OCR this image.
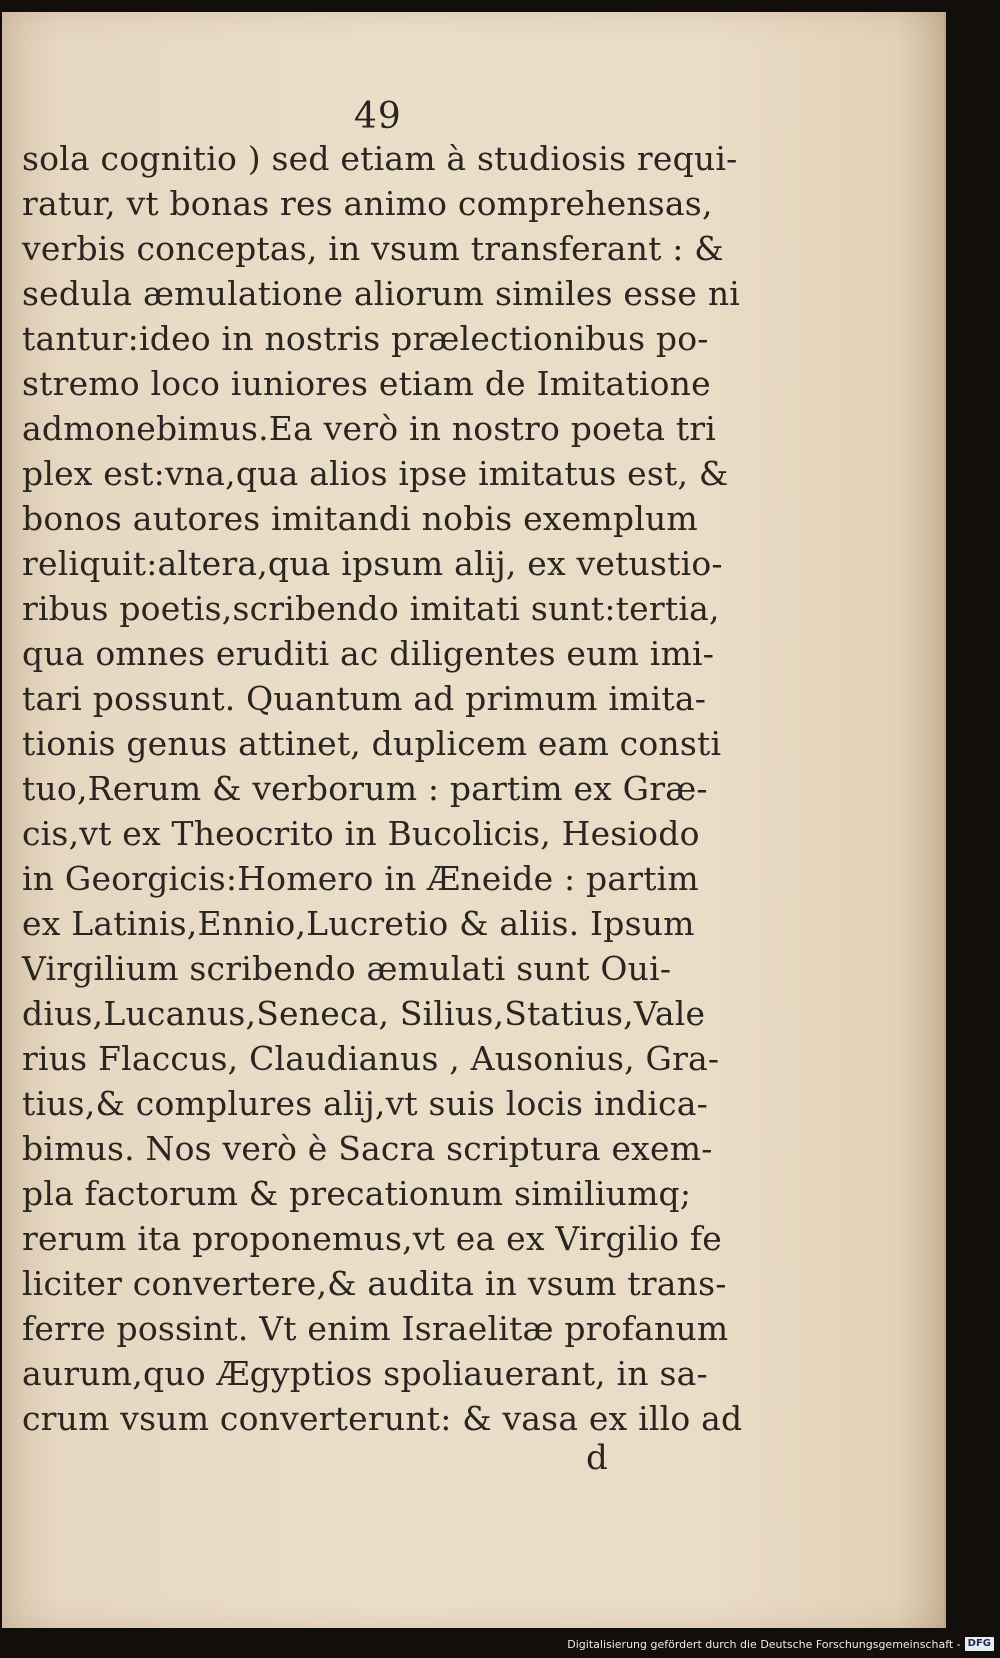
49
sola cognitio ) sed etiam à studiosis requi-
ratur, vt bonas res animo comprehensas,
verbis conceptas, in vsum transferant : &
sedula æmulatione aliorum similes esse ni
tantur:ideo in nostris prælectionibus po-
stremo loco iuniores etiam de Imitatione
admonebimus.Ea verò in nostro poeta tri
plex est:vna,qua alios ipse imitatus est, &
bonos autores imitandi nobis exemplum
reliquit:altera,qua ipsum alij, ex vetustio-
ribus poetis,scribendo imitati sunt:tertia,
qua omnes eruditi ac diligentes eum imi-
tari possunt. Quantum ad primum imita-
tionis genus attinet, duplicem eam consti
tuo,Rerum & verborum : partim ex Græ-
cis,vt ex Theocrito in Bucolicis, Hesiodo
in Georgicis:Homero in Æneide : partim
ex Latinis,Ennio,Lucretio & aliis. Ipsum
Virgilium scribendo æmulati sunt Oui-
dius,Lucanus,Seneca, Silius,Statius,Vale
rius Flaccus, Claudianus , Ausonius, Gra-
tius,& complures alij,vt suis locis indica-
bimus. Nos verò è Sacra scriptura exem-
pla factorum & precationum similiumq;
rerum ita proponemus,vt ea ex Virgilio fe
liciter convertere,& audita in vsum trans-
ferre possint. Vt enim Israelitæ profanum
aurum,quo Ægyptios spoliauerant, in sa-
crum vsum converterunt: & vasa ex illo ad
d
Digitalisierung gefördert durch die Deutsche Forschungsgemeinschaft - DFG
